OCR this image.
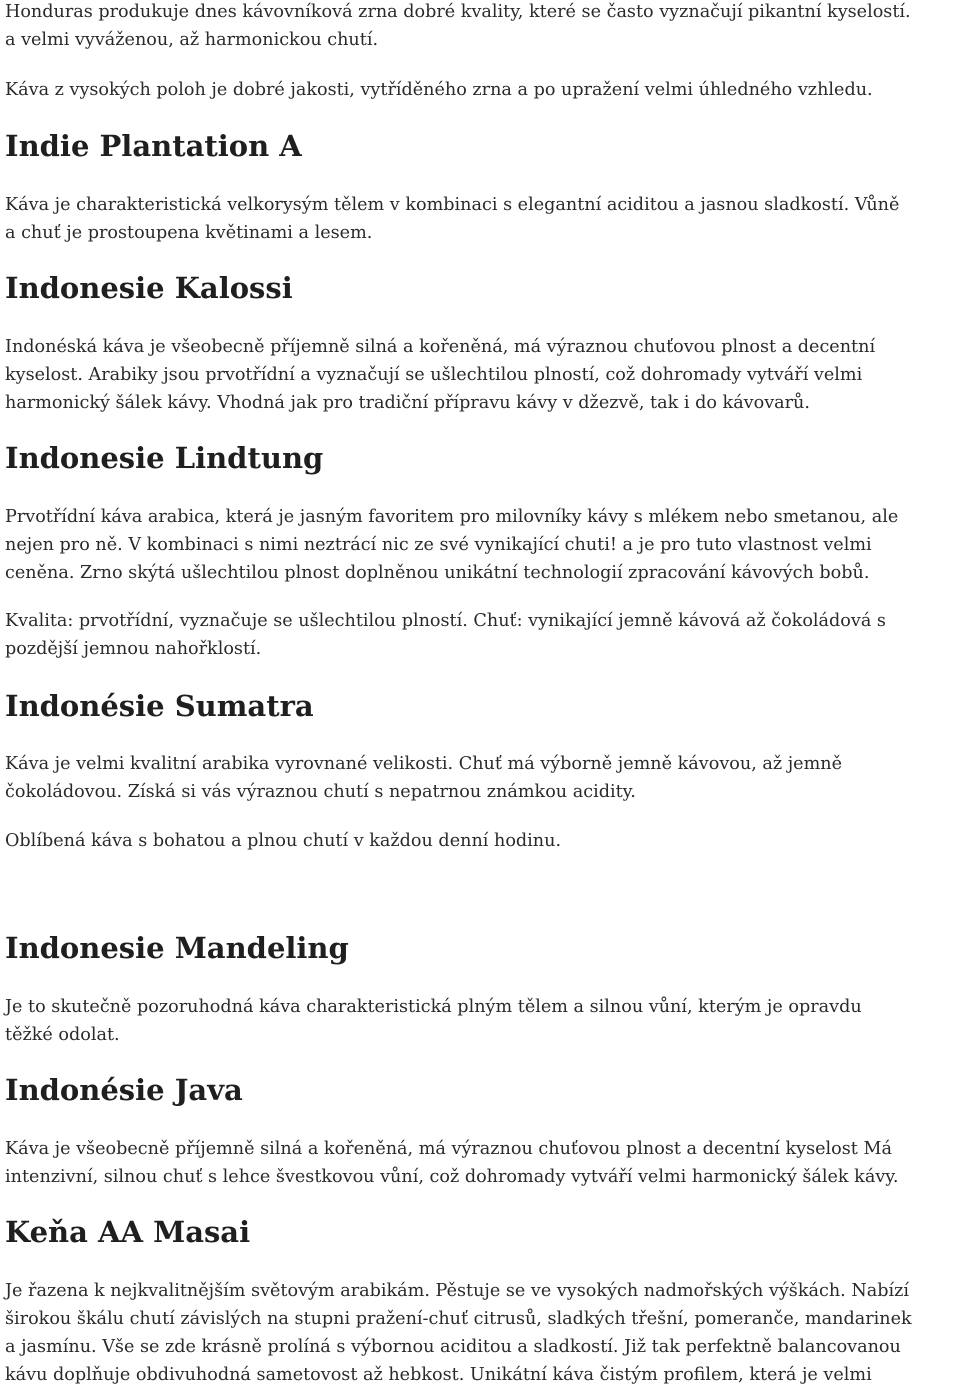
Honduras produkuje dnes kávovníková zrna dobré kvality, které se často vyznačují pikantní kyselostí.
a velmi vyváženou, až harmonickou chutí.

Káva z vysokých poloh je dobré jakosti, vytříděného zrna a po upražení velmi úhledného vzhledu.

Indie Plantation A

Káva je charakteristická velkorysým tělem v kombinaci s elegantní aciditou a jasnou sladkostí. Vůně
a chuť je prostoupena květinami a lesem.

Indonesie Kalossi

Indonéská káva je všeobecně příjemně silná a kořeněná, má výraznou chuťovou plnost a decentní
kyselost. Arabiky jsou prvotřídní a vyznačují se ušlechtilou plností, což dohromady vytváří velmi
harmonický šálek kávy. Vhodná jak pro tradiční přípravu kávy v džezvě, tak i do kávovarů.

Indonesie Lindtung

Prvotřídní káva arabica, která je jasným favoritem pro milovníky kávy s mlékem nebo smetanou, ale
nejen pro ně. V kombinaci s nimi neztrácí nic ze své vynikající chuti! a je pro tuto vlastnost velmi
ceněna. Zrno skýtá ušlechtilou plnost doplněnou unikátní technologií zpracování kávových bobů.

Kvalita: prvotřídní, vyznačuje se ušlechtilou plností. Chuť: vynikající jemně kávová až čokoládová s
pozdější jemnou nahořklostí.

Indonésie Sumatra

Káva je velmi kvalitní arabika vyrovnané velikosti. Chuť má výborně jemně kávovou, až jemně
čokoládovou. Získá si vás výraznou chutí s nepatrnou známkou acidity.

Oblíbená káva s bohatou a plnou chutí v každou denní hodinu.

Indonesie Mandeling

Je to skutečně pozoruhodná káva charakteristická plným tělem a silnou vůní, kterým je opravdu
těžké odolat.

Indonésie Java

Káva je všeobecně příjemně silná a kořeněná, má výraznou chuťovou plnost a decentní kyselost Má
intenzivní, silnou chuť s lehce švestkovou vůní, což dohromady vytváří velmi harmonický šálek kávy.

Keňa AA Masai

Je řazena k nejkvalitnějším světovým arabikám. Pěstuje se ve vysokých nadmořských výškách. Nabízí
širokou škálu chutí závislých na stupni pražení-chuť citrusů, sladkých třešní, pomeranče, mandarinek
a jasmínu. Vše se zde krásně prolíná s výbornou aciditou a sladkostí. Již tak perfektně balancovanou
kávu doplňuje obdivuhodná sametovost až hebkost. Unikátní káva čistým profilem, která je velmi
